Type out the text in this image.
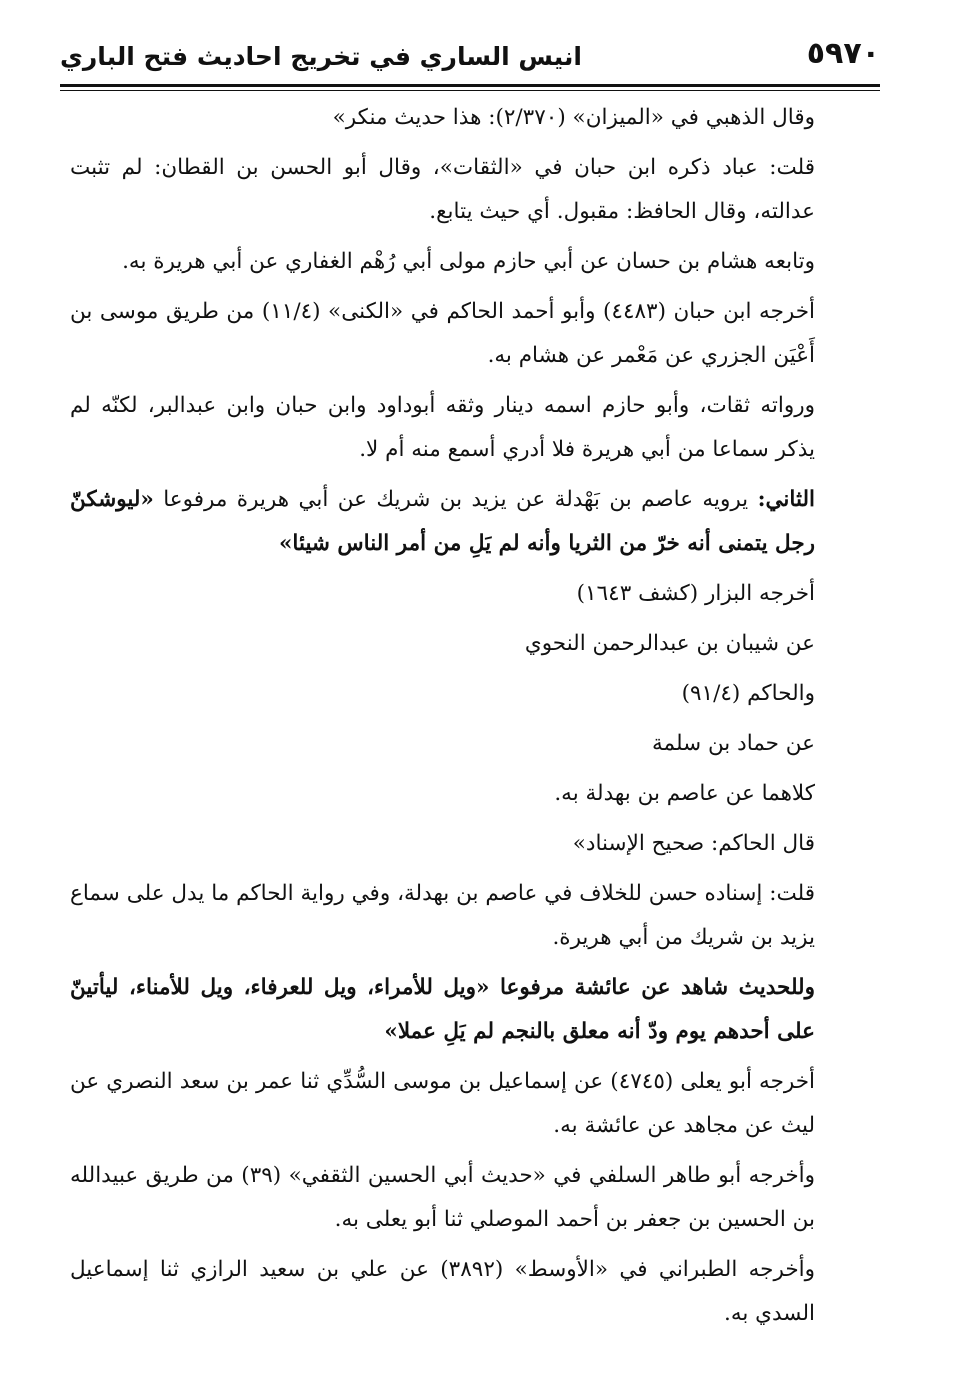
٥٩٧٠
انيس الساري في تخريج احاديث فتح الباري

وقال الذهبي في «الميزان» (٢/٣٧٠): هذا حديث منكر»

قلت: عباد ذكره ابن حبان في «الثقات»، وقال أبو الحسن بن القطان: لم تثبت عدالته، وقال الحافظ: مقبول. أي حيث يتابع.

وتابعه هشام بن حسان عن أبي حازم مولى أبي رُهْم الغفاري عن أبي هريرة به.

أخرجه ابن حبان (٤٤٨٣) وأبو أحمد الحاكم في «الكنى» (١١/٤) من طريق موسى بن أَعْيَن الجزري عن مَعْمر عن هشام به.

ورواته ثقات، وأبو حازم اسمه دينار وثقه أبوداود وابن حبان وابن عبدالبر، لكنّه لم يذكر سماعا من أبي هريرة فلا أدري أسمع منه أم لا.

الثاني: يرويه عاصم بن بَهْدلة عن يزيد بن شريك عن أبي هريرة مرفوعا «ليوشكنّ رجل يتمنى أنه خرّ من الثريا وأنه لم يَلِ من أمر الناس شيئا»

أخرجه البزار (كشف ١٦٤٣)

عن شيبان بن عبدالرحمن النحوي

والحاكم (٩١/٤)

عن حماد بن سلمة

كلاهما عن عاصم بن بهدلة به.

قال الحاكم: صحيح الإسناد»

قلت: إسناده حسن للخلاف في عاصم بن بهدلة، وفي رواية الحاكم ما يدل على سماع يزيد بن شريك من أبي هريرة.

وللحديث شاهد عن عائشة مرفوعا «ويل للأمراء، ويل للعرفاء، ويل للأمناء، ليأتينّ على أحدهم يوم ودّ أنه معلق بالنجم لم يَلِ عملا»

أخرجه أبو يعلى (٤٧٤٥) عن إسماعيل بن موسى السُّدِّي ثنا عمر بن سعد النصري عن ليث عن مجاهد عن عائشة به.

وأخرجه أبو طاهر السلفي في «حديث أبي الحسين الثقفي» (٣٩) من طريق عبيدالله بن الحسين بن جعفر بن أحمد الموصلي ثنا أبو يعلى به.

وأخرجه الطبراني في «الأوسط» (٣٨٩٢) عن علي بن سعيد الرازي ثنا إسماعيل السدي به.
